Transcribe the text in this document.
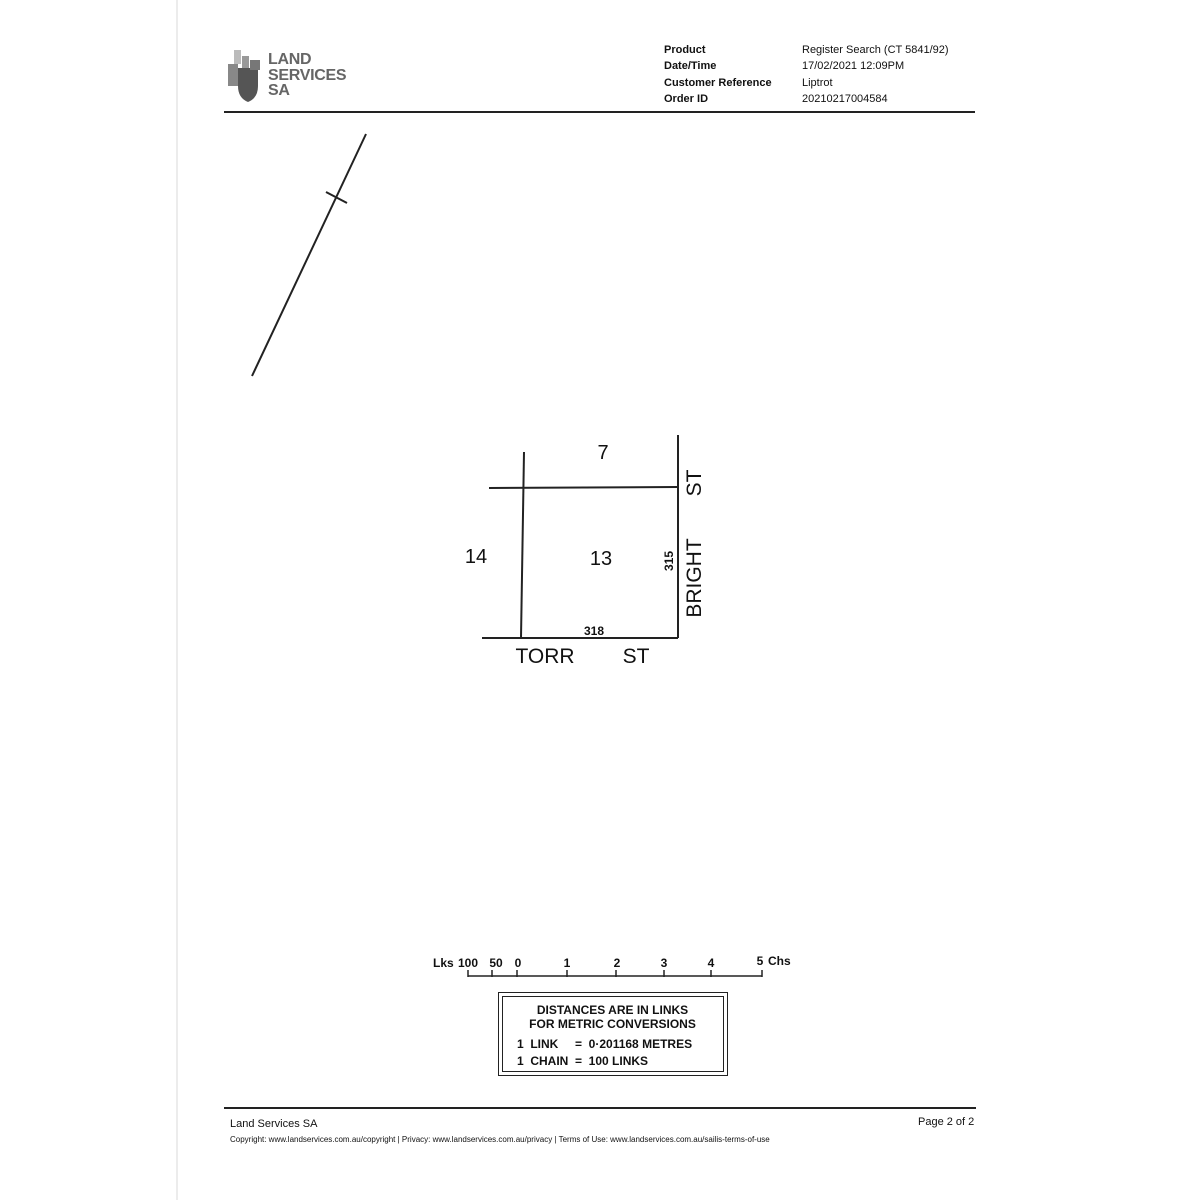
LAND
SERVICES
SA
Product	Register Search (CT 5841/92)
Date/Time	17/02/2021 12:09PM
Customer Reference	Liptrot
Order ID	20210217004584
7
14	13
318
315
TORR ST
BRIGHT
ST
Lks 100 50 0	1	2	3	4	5 Chs
DISTANCES ARE IN LINKS
FOR METRIC CONVERSIONS
1  LINK     =  0·201168 METRES
1  CHAIN  =  100 LINKS
Land Services SA
Copyright: www.landservices.com.au/copyright | Privacy: www.landservices.com.au/privacy | Terms of Use: www.landservices.com.au/sailis-terms-of-use
Page 2 of 2
